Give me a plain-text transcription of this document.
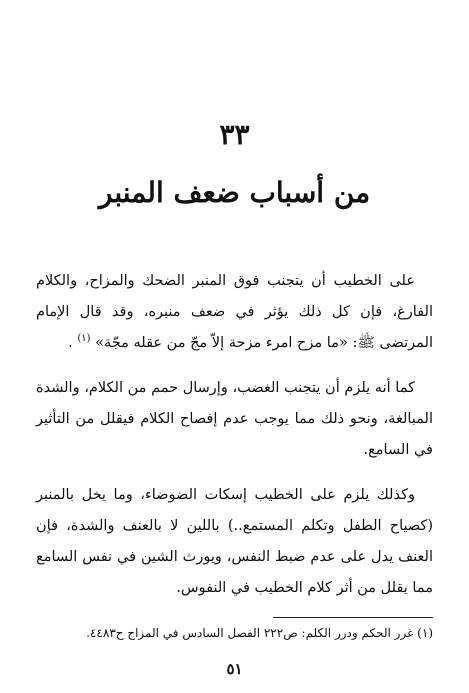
٣٣
من أسباب ضعف المنبر

على الخطيب أن يتجنب فوق المنبر الضحك والمزاح، والكلام الفارغ، فإن كل ذلك يؤثر في ضعف منبره، وقد قال الإمام المرتضى ﷺ: «ما مزح امرء مزحة إلاّ مجّ من عقله مجّة» $^{(١)}$ .

كما أنه يلزم أن يتجنب الغضب، وإرسال حمم من الكلام، والشدة المبالغة، ونحو ذلك مما يوجب عدم إفصاح الكلام فيقلل من التأثير في السامع.

وكذلك يلزم على الخطيب إسكات الضوضاء، وما يخل بالمنبر (كصياح الطفل وتكلم المستمع..) باللين لا بالعنف والشدة، فإن العنف يدل على عدم ضبط النفس، ويورث الشين في نفس السامع مما يقلل من أثر كلام الخطيب في النفوس.

(١) غرر الحكم ودرر الكلم: ص٢٢٢ الفصل السادس في المزاح ح٤٤٨٣.
٥١
